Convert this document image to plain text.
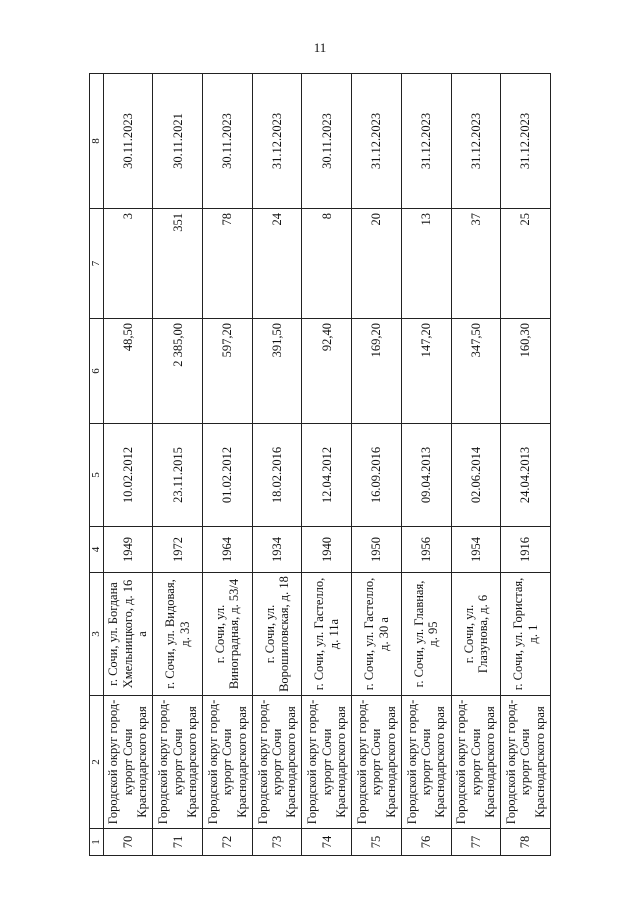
11
1	2	3	4	5	6	7	8
70	Городской округ город-курорт Сочи Краснодарского края	г. Сочи, ул. Богдана Хмельницкого, д. 16 а	1949	10.02.2012	48,50	3	30.11.2023
71	Городской округ город-курорт Сочи Краснодарского края	г. Сочи, ул. Видовая, д. 33	1972	23.11.2015	2 385,00	351	30.11.2021
72	Городской округ город-курорт Сочи Краснодарского края	г. Сочи, ул. Виноградная, д. 53/4	1964	01.02.2012	597,20	78	30.11.2023
73	Городской округ город-курорт Сочи Краснодарского края	г. Сочи, ул. Ворошиловская, д. 18	1934	18.02.2016	391,50	24	31.12.2023
74	Городской округ город-курорт Сочи Краснодарского края	г. Сочи, ул. Гастелло, д. 11а	1940	12.04.2012	92,40	8	30.11.2023
75	Городской округ город-курорт Сочи Краснодарского края	г. Сочи, ул. Гастелло, д. 30 а	1950	16.09.2016	169,20	20	31.12.2023
76	Городской округ город-курорт Сочи Краснодарского края	г. Сочи, ул. Главная, д. 95	1956	09.04.2013	147,20	13	31.12.2023
77	Городской округ город-курорт Сочи Краснодарского края	г. Сочи, ул. Глазунова, д. 6	1954	02.06.2014	347,50	37	31.12.2023
78	Городской округ город-курорт Сочи Краснодарского края	г. Сочи, ул. Гористая, д. 1	1916	24.04.2013	160,30	25	31.12.2023
